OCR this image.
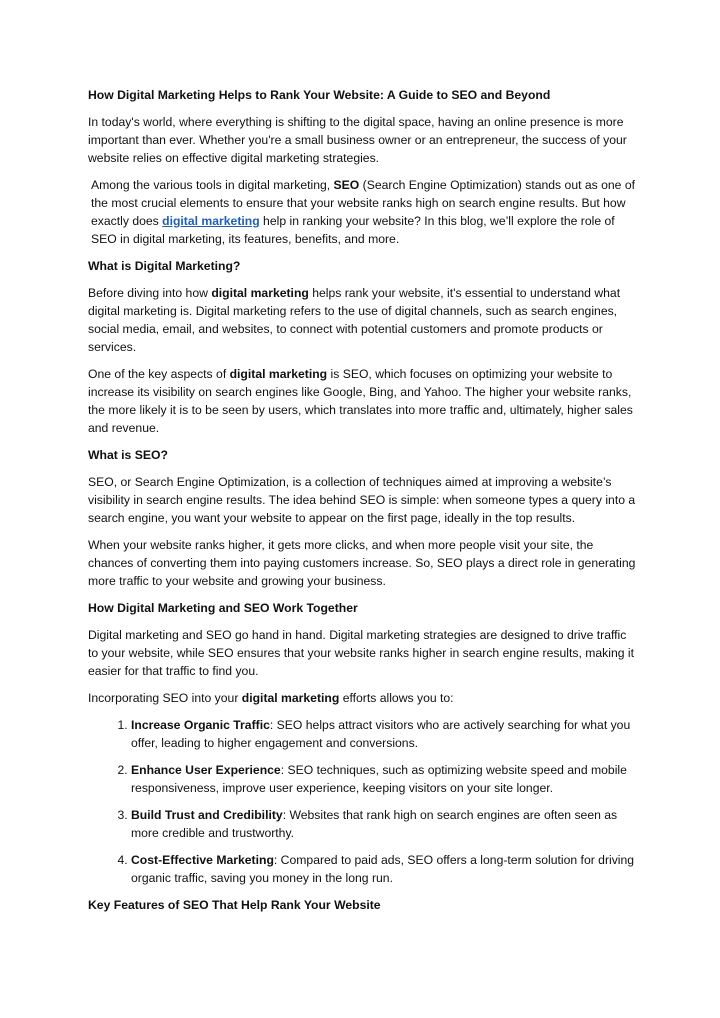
How Digital Marketing Helps to Rank Your Website: A Guide to SEO and Beyond

In today's world, where everything is shifting to the digital space, having an online presence is more important than ever. Whether you're a small business owner or an entrepreneur, the success of your website relies on effective digital marketing strategies.

Among the various tools in digital marketing, SEO (Search Engine Optimization) stands out as one of the most crucial elements to ensure that your website ranks high on search engine results. But how exactly does digital marketing help in ranking your website? In this blog, we’ll explore the role of SEO in digital marketing, its features, benefits, and more.

What is Digital Marketing?

Before diving into how digital marketing helps rank your website, it's essential to understand what digital marketing is. Digital marketing refers to the use of digital channels, such as search engines, social media, email, and websites, to connect with potential customers and promote products or services.

One of the key aspects of digital marketing is SEO, which focuses on optimizing your website to increase its visibility on search engines like Google, Bing, and Yahoo. The higher your website ranks, the more likely it is to be seen by users, which translates into more traffic and, ultimately, higher sales and revenue.

What is SEO?

SEO, or Search Engine Optimization, is a collection of techniques aimed at improving a website’s visibility in search engine results. The idea behind SEO is simple: when someone types a query into a search engine, you want your website to appear on the first page, ideally in the top results.

When your website ranks higher, it gets more clicks, and when more people visit your site, the chances of converting them into paying customers increase. So, SEO plays a direct role in generating more traffic to your website and growing your business.

How Digital Marketing and SEO Work Together

Digital marketing and SEO go hand in hand. Digital marketing strategies are designed to drive traffic to your website, while SEO ensures that your website ranks higher in search engine results, making it easier for that traffic to find you.

Incorporating SEO into your digital marketing efforts allows you to:

1. Increase Organic Traffic: SEO helps attract visitors who are actively searching for what you offer, leading to higher engagement and conversions.
2. Enhance User Experience: SEO techniques, such as optimizing website speed and mobile responsiveness, improve user experience, keeping visitors on your site longer.
3. Build Trust and Credibility: Websites that rank high on search engines are often seen as more credible and trustworthy.
4. Cost-Effective Marketing: Compared to paid ads, SEO offers a long-term solution for driving organic traffic, saving you money in the long run.

Key Features of SEO That Help Rank Your Website
